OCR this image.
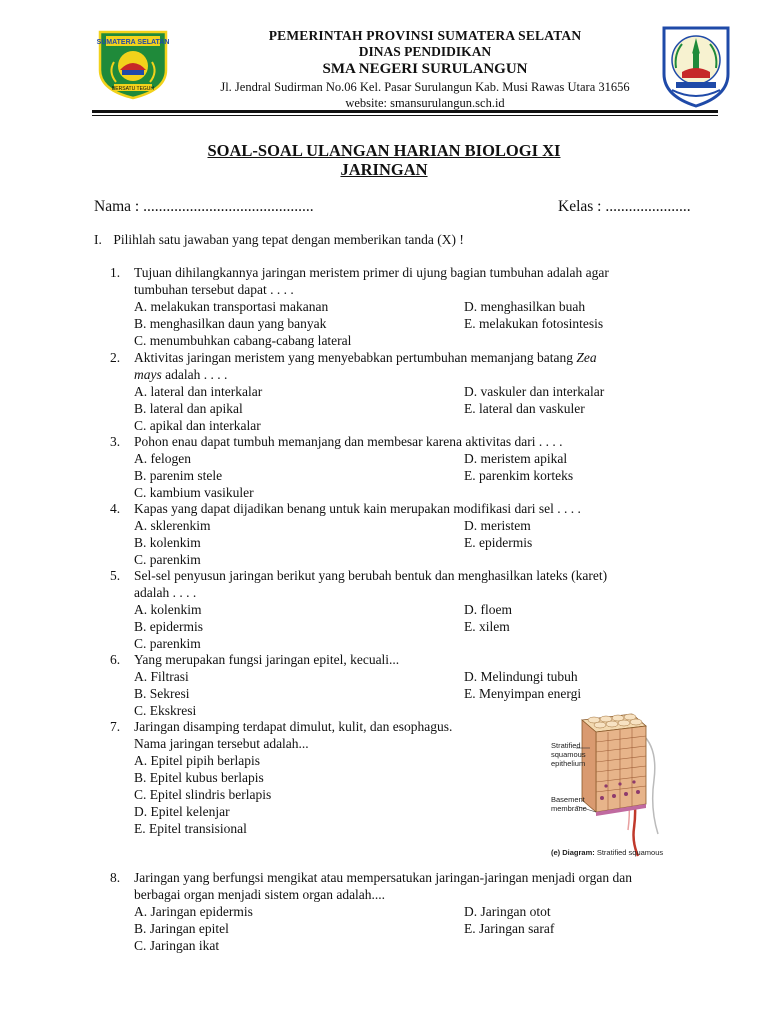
SUMATERA SELATAN
BERSATU TEGUH
PEMERINTAH PROVINSI SUMATERA SELATAN
DINAS PENDIDIKAN
SMA NEGERI SURULANGUN
Jl. Jendral Sudirman No.06 Kel. Pasar Surulangun Kab. Musi Rawas Utara 31656
website: smansurulangun.sch.id
SOAL-SOAL ULANGAN HARIAN BIOLOGI XI
JARINGAN
Nama : ............................................	Kelas : ......................
I. Pilihlah satu jawaban yang tepat dengan memberikan tanda (X) !
1.	Tujuan dihilangkannya jaringan meristem primer di ujung bagian tumbuhan adalah agar
tumbuhan tersebut dapat . . . .
A. melakukan transportasi makanan
B. menghasilkan daun yang banyak
C. menumbuhkan cabang-cabang lateral
D. menghasilkan buah
E. melakukan fotosintesis
2.	Aktivitas jaringan meristem yang menyebabkan pertumbuhan memanjang batang Zea
mays adalah . . . .
A. lateral dan interkalar
B. lateral dan apikal
C. apikal dan interkalar
D. vaskuler dan interkalar
E. lateral dan vaskuler
3.	Pohon enau dapat tumbuh memanjang dan membesar karena aktivitas dari . . . .
A. felogen
B. parenim stele
C. kambium vasikuler
D. meristem apikal
E. parenkim korteks
4.	Kapas yang dapat dijadikan benang untuk kain merupakan modifikasi dari sel . . . .
A. sklerenkim
B. kolenkim
C. parenkim
D. meristem
E. epidermis
5.	Sel-sel penyusun jaringan berikut yang berubah bentuk dan menghasilkan lateks (karet)
adalah . . . .
A. kolenkim
B. epidermis
C. parenkim
D. floem
E. xilem
6.	Yang merupakan fungsi jaringan epitel, kecuali...
A. Filtrasi
B. Sekresi
C. Ekskresi
D. Melindungi tubuh
E. Menyimpan energi
7.	Jaringan disamping terdapat dimulut, kulit, dan esophagus.
Nama jaringan tersebut adalah...
A. Epitel pipih berlapis
B. Epitel kubus berlapis
C. Epitel slindris berlapis
D. Epitel kelenjar
E. Epitel transisional
Stratified
squamous
epithelium
Basement
membrane
(e) Diagram: Stratified squamous
8.	Jaringan yang berfungsi mengikat atau mempersatukan jaringan-jaringan menjadi organ dan
berbagai organ menjadi sistem organ adalah....
A. Jaringan epidermis
B. Jaringan epitel
C. Jaringan ikat
D. Jaringan otot
E. Jaringan saraf
